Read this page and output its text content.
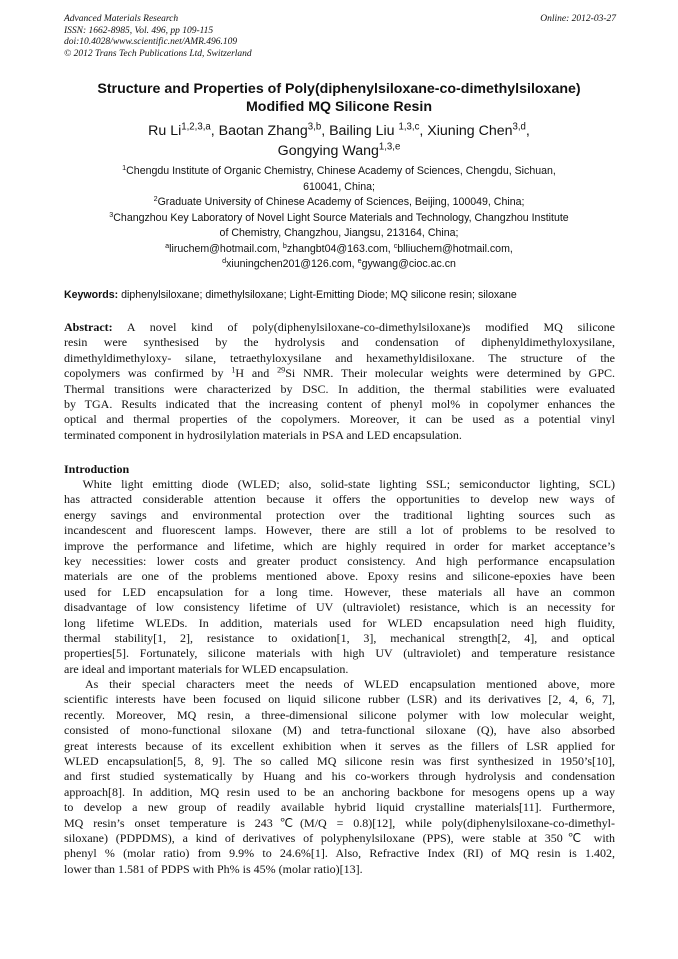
Advanced Materials Research
ISSN: 1662-8985, Vol. 496, pp 109-115
doi:10.4028/www.scientific.net/AMR.496.109
© 2012 Trans Tech Publications Ltd, Switzerland
Online: 2012-03-27
Structure and Properties of Poly(diphenylsiloxane-co-dimethylsiloxane)
Modified MQ Silicone Resin
Ru Li$^{1,2,3,a}$, Baotan Zhang$^{3,b}$, Bailing Liu $^{1,3,c}$, Xiuning Chen$^{3,d}$,
Gongying Wang$^{1,3,e}$
$^1$Chengdu Institute of Organic Chemistry, Chinese Academy of Sciences, Chengdu, Sichuan,
610041, China;
$^2$Graduate University of Chinese Academy of Sciences, Beijing, 100049, China;
$^3$Changzhou Key Laboratory of Novel Light Source Materials and Technology, Changzhou Institute
of Chemistry, Changzhou, Jiangsu, 213164, China;
$^a$liruchem@hotmail.com, $^b$zhangbt04@163.com, $^c$blliuchem@hotmail.com,
$^d$xiuningchen201@126.com, $^e$gywang@cioc.ac.cn
Keywords: diphenylsiloxane; dimethylsiloxane; Light-Emitting Diode; MQ silicone resin; siloxane
Abstract: A novel kind of poly(diphenylsiloxane-co-dimethylsiloxane)s modified MQ silicone
resin were synthesised by the hydrolysis and condensation of diphenyldimethyloxysilane,
dimethyldimethyloxy- silane, tetraethyloxysilane and hexamethyldisiloxane. The structure of the
copolymers was confirmed by $^1$H and $^{29}$Si NMR. Their molecular weights were determined by GPC.
Thermal transitions were characterized by DSC. In addition, the thermal stabilities were evaluated
by TGA. Results indicated that the increasing content of phenyl mol% in copolymer enhances the
optical and thermal properties of the copolymers. Moreover, it can be used as a potential vinyl
terminated component in hydrosilylation materials in PSA and LED encapsulation.
Introduction
White light emitting diode (WLED; also, solid-state lighting SSL; semiconductor lighting, SCL)
has attracted considerable attention because it offers the opportunities to develop new ways of
energy savings and environmental protection over the traditional lighting sources such as
incandescent and fluorescent lamps. However, there are still a lot of problems to be resolved to
improve the performance and lifetime, which are highly required in order for market acceptance’s
key necessities: lower costs and greater product consistency. And high performance encapsulation
materials are one of the problems mentioned above. Epoxy resins and silicone-epoxies have been
used for LED encapsulation for a long time. However, these materials all have an common
disadvantage of low consistency lifetime of UV (ultraviolet) resistance, which is an necessity for
long lifetime WLEDs. In addition, materials used for WLED encapsulation need high fluidity,
thermal stability[1, 2], resistance to oxidation[1, 3], mechanical strength[2, 4], and optical
properties[5]. Fortunately, silicone materials with high UV (ultraviolet) and temperature resistance
are ideal and important materials for WLED encapsulation.
As their special characters meet the needs of WLED encapsulation mentioned above, more
scientific interests have been focused on liquid silicone rubber (LSR) and its derivatives [2, 4, 6, 7],
recently. Moreover, MQ resin, a three-dimensional silicone polymer with low molecular weight,
consisted of mono-functional siloxane (M) and tetra-functional siloxane (Q), have also absorbed
great interests because of its excellent exhibition when it serves as the fillers of LSR applied for
WLED encapsulation[5, 8, 9]. The so called MQ silicone resin was first synthesized in 1950’s[10],
and first studied systematically by Huang and his co-workers through hydrolysis and condensation
approach[8]. In addition, MQ resin used to be an anchoring backbone for mesogens opens up a way
to develop a new group of readily available hybrid liquid crystalline materials[11]. Furthermore,
MQ resin’s onset temperature is 243℃(M/Q = 0.8)[12], while poly(diphenylsiloxane-co-dimethyl-
siloxane) (PDPDMS), a kind of derivatives of polyphenylsiloxane (PPS), were stable at 350℃ with
phenyl % (molar ratio) from 9.9% to 24.6%[1]. Also, Refractive Index (RI) of MQ resin is 1.402,
lower than 1.581 of PDPS with Ph% is 45% (molar ratio)[13].
